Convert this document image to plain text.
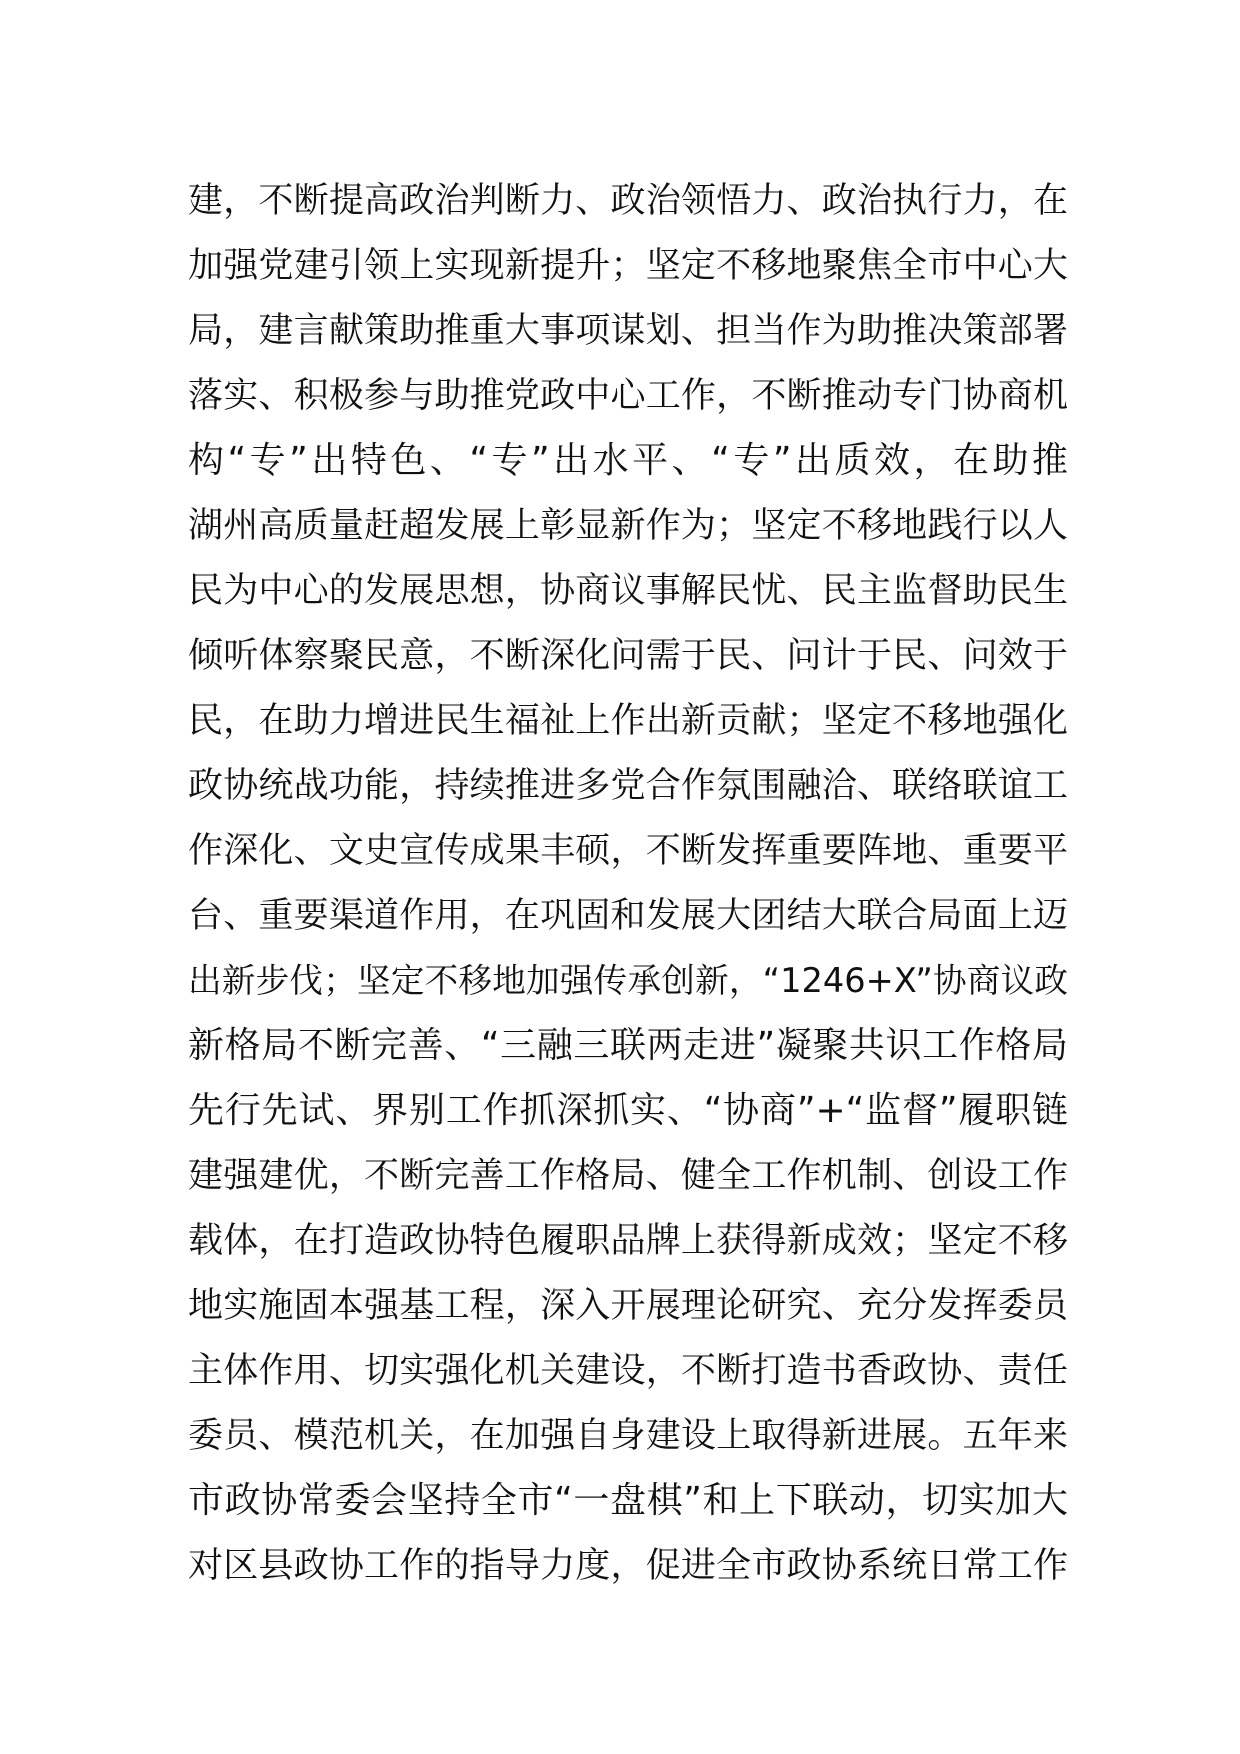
建，不断提高政治判断力、政治领悟力、政治执行力，在
加强党建引领上实现新提升；坚定不移地聚焦全市中心大
局，建言献策助推重大事项谋划、担当作为助推决策部署
落实、积极参与助推党政中心工作，不断推动专门协商机
构“专”出特色、“专”出水平、“专”出质效，在助推
湖州高质量赶超发展上彰显新作为；坚定不移地践行以人
民为中心的发展思想，协商议事解民忧、民主监督助民生
倾听体察聚民意，不断深化问需于民、问计于民、问效于
民，在助力增进民生福祉上作出新贡献；坚定不移地强化
政协统战功能，持续推进多党合作氛围融洽、联络联谊工
作深化、文史宣传成果丰硕，不断发挥重要阵地、重要平
台、重要渠道作用，在巩固和发展大团结大联合局面上迈
出新步伐；坚定不移地加强传承创新，“1246+X”协商议政
新格局不断完善、“三融三联两走进”凝聚共识工作格局
先行先试、界别工作抓深抓实、“协商”+“监督”履职链
建强建优，不断完善工作格局、健全工作机制、创设工作
载体，在打造政协特色履职品牌上获得新成效；坚定不移
地实施固本强基工程，深入开展理论研究、充分发挥委员
主体作用、切实强化机关建设，不断打造书香政协、责任
委员、模范机关，在加强自身建设上取得新进展。五年来
市政协常委会坚持全市“一盘棋”和上下联动，切实加大
对区县政协工作的指导力度，促进全市政协系统日常工作
